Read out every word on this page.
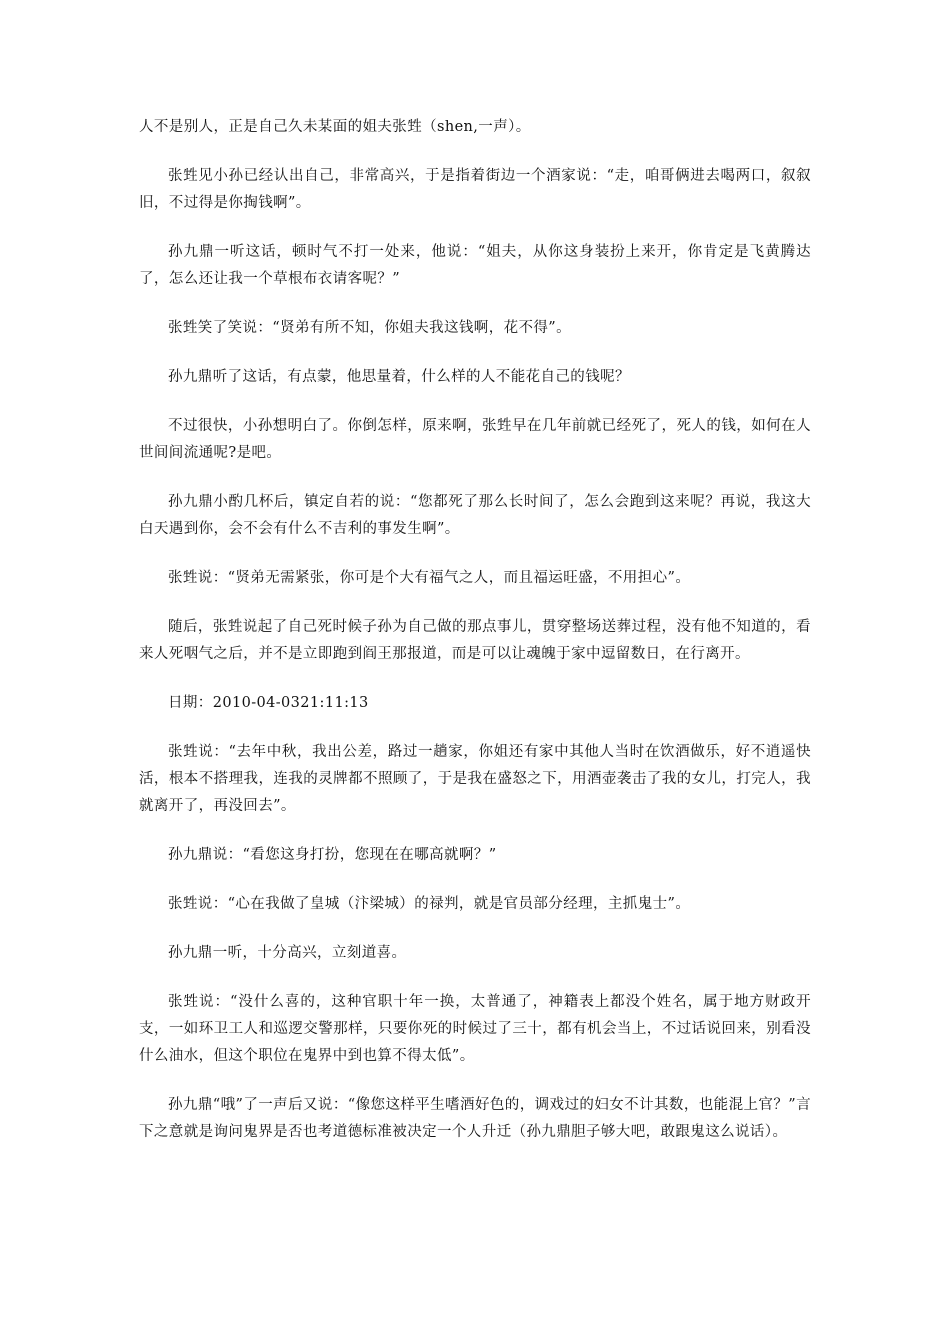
人不是别人，正是自己久未某面的姐夫张甡（shen,一声）。

张甡见小孙已经认出自己，非常高兴，于是指着街边一个酒家说：“走，咱哥俩进去喝两口，叙叙旧，不过得是你掏钱啊”。

孙九鼎一听这话，顿时气不打一处来，他说：“姐夫，从你这身装扮上来开，你肯定是飞黄腾达了，怎么还让我一个草根布衣请客呢？”

张甡笑了笑说：“贤弟有所不知，你姐夫我这钱啊，花不得”。

孙九鼎听了这话，有点蒙，他思量着，什么样的人不能花自己的钱呢？

不过很快，小孙想明白了。你倒怎样，原来啊，张甡早在几年前就已经死了，死人的钱，如何在人世间间流通呢?是吧。

孙九鼎小酌几杯后，镇定自若的说：“您都死了那么长时间了，怎么会跑到这来呢？再说，我这大白天遇到你，会不会有什么不吉利的事发生啊”。

张甡说：“贤弟无需紧张，你可是个大有福气之人，而且福运旺盛，不用担心”。

随后，张甡说起了自己死时候子孙为自己做的那点事儿，贯穿整场送葬过程，没有他不知道的，看来人死咽气之后，并不是立即跑到阎王那报道，而是可以让魂魄于家中逗留数日，在行离开。

日期：2010-04-0321:11:13

张甡说：“去年中秋，我出公差，路过一趟家，你姐还有家中其他人当时在饮酒做乐，好不逍遥快活，根本不搭理我，连我的灵牌都不照顾了，于是我在盛怒之下，用酒壶袭击了我的女儿，打完人，我就离开了，再没回去”。

孙九鼎说：“看您这身打扮，您现在在哪高就啊？”

张甡说：“心在我做了皇城（汴梁城）的禄判，就是官员部分经理，主抓鬼士”。

孙九鼎一听，十分高兴，立刻道喜。

张甡说：“没什么喜的，这种官职十年一换，太普通了，神籍表上都没个姓名，属于地方财政开支，一如环卫工人和巡逻交警那样，只要你死的时候过了三十，都有机会当上，不过话说回来，别看没什么油水，但这个职位在鬼界中到也算不得太低”。

孙九鼎“哦”了一声后又说：“像您这样平生嗜酒好色的，调戏过的妇女不计其数，也能混上官？”言下之意就是询问鬼界是否也考道德标准被决定一个人升迁（孙九鼎胆子够大吧，敢跟鬼这么说话）。
